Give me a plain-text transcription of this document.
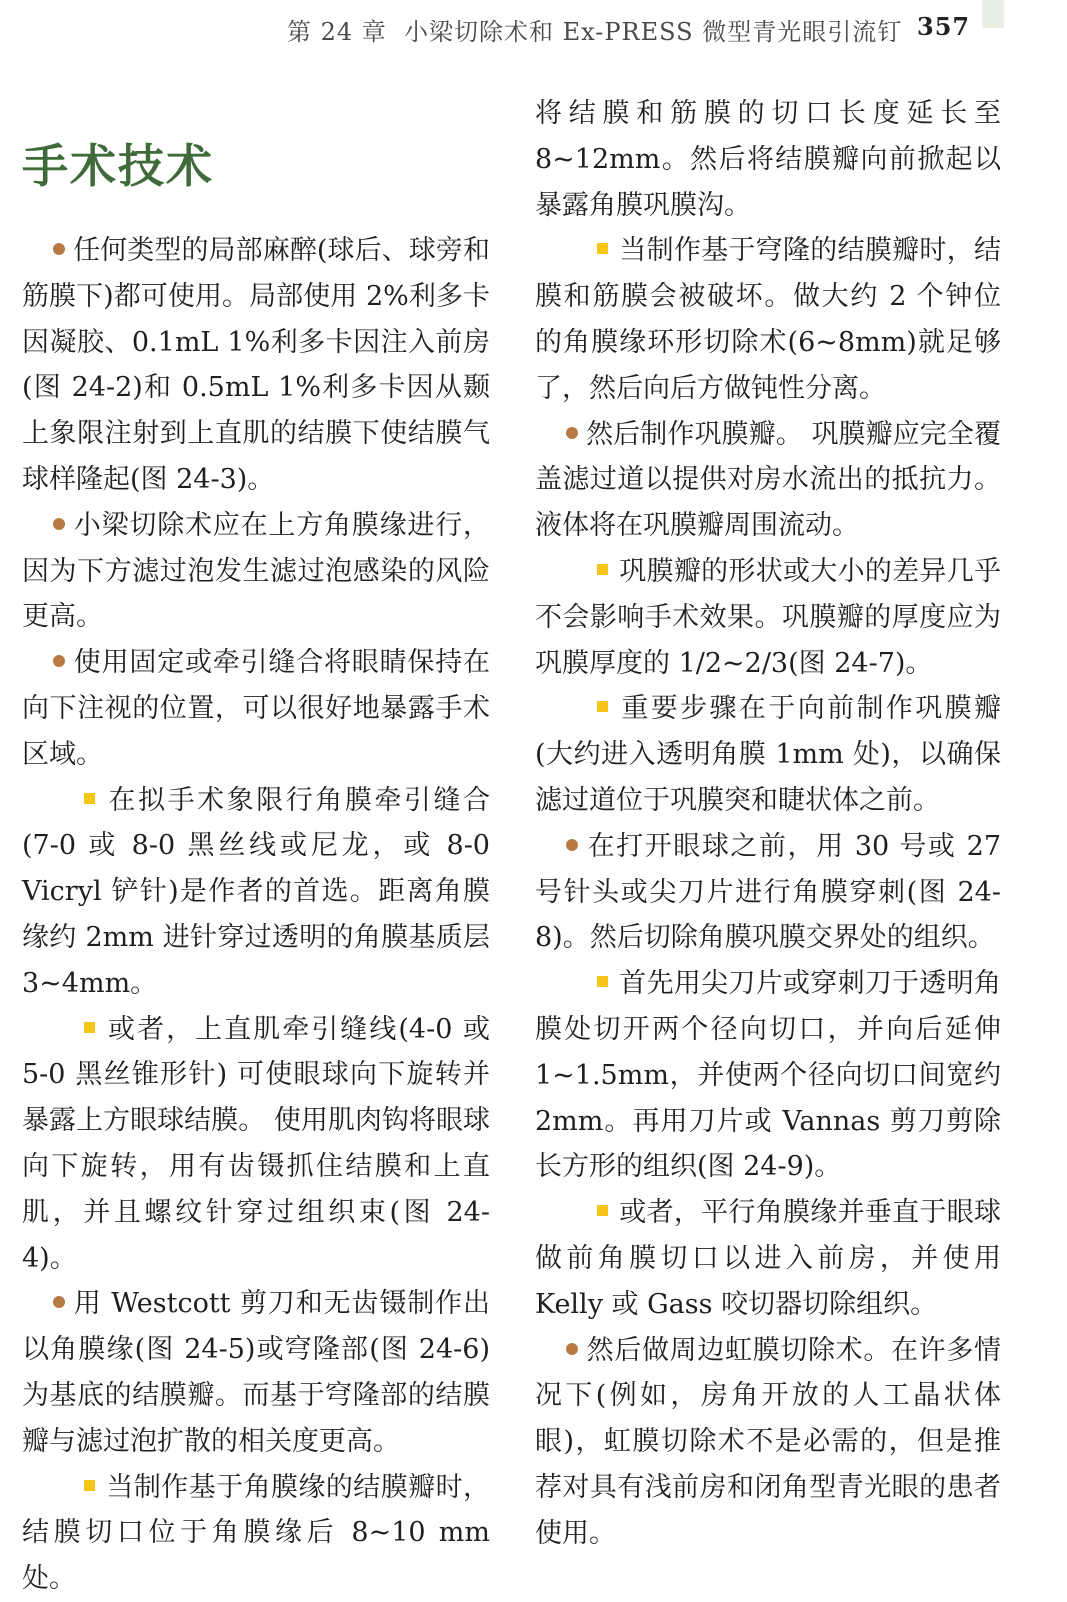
第 24 章 小梁切除术和 Ex-PRESS 微型青光眼引流钉 357
手术技术

任何类型的局部麻醉(球后、球旁和筋膜下)都可使用。局部使用 2%利多卡因凝胶、0.1mL 1%利多卡因注入前房(图 24-2)和 0.5mL 1%利多卡因从颞上象限注射到上直肌的结膜下使结膜气球样隆起(图 24-3)。

小梁切除术应在上方角膜缘进行，因为下方滤过泡发生滤过泡感染的风险更高。

使用固定或牵引缝合将眼睛保持在向下注视的位置，可以很好地暴露手术区域。

在拟手术象限行角膜牵引缝合(7-0 或 8-0 黑丝线或尼龙，或 8-0 Vicryl 铲针)是作者的首选。距离角膜缘约 2mm 进针穿过透明的角膜基质层 3~4mm。

或者，上直肌牵引缝线(4-0 或 5-0 黑丝锥形针) 可使眼球向下旋转并暴露上方眼球结膜。 使用肌肉钩将眼球向下旋转，用有齿镊抓住结膜和上直肌，并且螺纹针穿过组织束(图 24-4)。

用 Westcott 剪刀和无齿镊制作出以角膜缘(图 24-5)或穹隆部(图 24-6)为基底的结膜瓣。而基于穹隆部的结膜瓣与滤过泡扩散的相关度更高。

当制作基于角膜缘的结膜瓣时，结膜切口位于角膜缘后 8~10 mm 处。

将结膜和筋膜的切口长度延长至 8~12mm。然后将结膜瓣向前掀起以暴露角膜巩膜沟。

当制作基于穹隆的结膜瓣时，结膜和筋膜会被破坏。做大约 2 个钟位的角膜缘环形切除术(6~8mm)就足够了，然后向后方做钝性分离。

然后制作巩膜瓣。 巩膜瓣应完全覆盖滤过道以提供对房水流出的抵抗力。液体将在巩膜瓣周围流动。

巩膜瓣的形状或大小的差异几乎不会影响手术效果。巩膜瓣的厚度应为巩膜厚度的 1/2~2/3(图 24-7)。

重要步骤在于向前制作巩膜瓣(大约进入透明角膜 1mm 处)，以确保滤过道位于巩膜突和睫状体之前。

在打开眼球之前，用 30 号或 27 号针头或尖刀片进行角膜穿刺(图 24-8)。然后切除角膜巩膜交界处的组织。

首先用尖刀片或穿刺刀于透明角膜处切开两个径向切口，并向后延伸 1~1.5mm，并使两个径向切口间宽约 2mm。再用刀片或 Vannas 剪刀剪除长方形的组织(图 24-9)。

或者，平行角膜缘并垂直于眼球做前角膜切口以进入前房，并使用 Kelly 或 Gass 咬切器切除组织。

然后做周边虹膜切除术。在许多情况下(例如，房角开放的人工晶状体眼)，虹膜切除术不是必需的，但是推荐对具有浅前房和闭角型青光眼的患者使用。
